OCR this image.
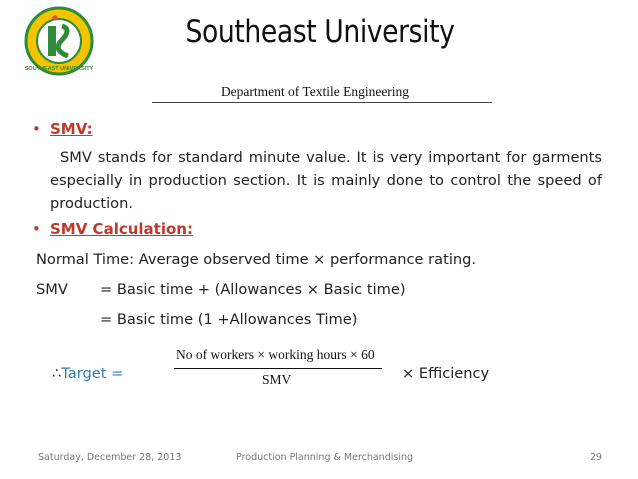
SOUTHEAST UNIVERSITY
Southeast University
Department of Textile Engineering
• SMV:
SMV stands for standard minute value. It is very important for garments especially in production section. It is mainly done to control the speed of production.
• SMV Calculation:
Normal Time: Average observed time × performance rating.
SMV = Basic time + (Allowances × Basic time)
= Basic time (1 +Allowances Time)
∴Target =
No of workers × working hours × 60
SMV	× Efficiency
Saturday, December 28, 2013	Production Planning & Merchandising	29
